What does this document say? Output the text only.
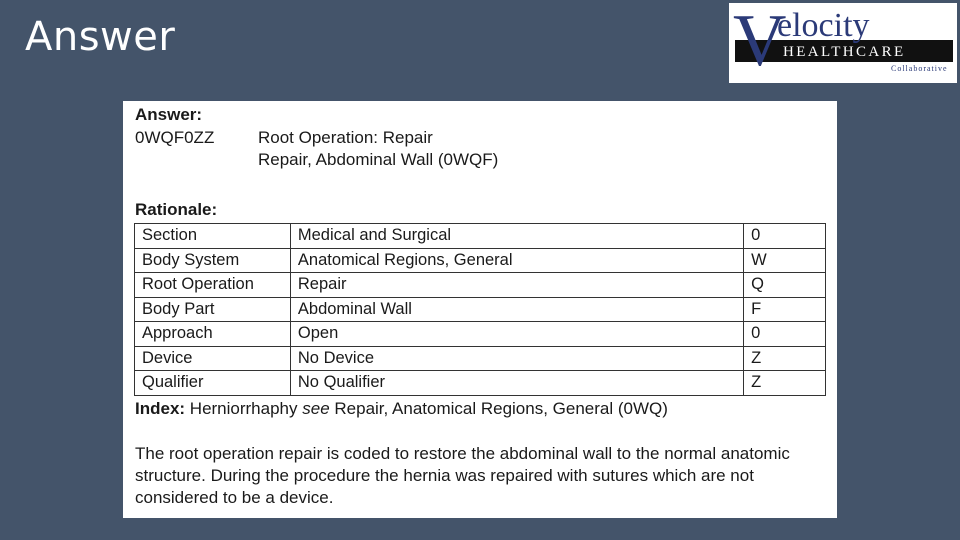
Answer	V
elocity
HEALTHCARE
Collaborative
Answer:
0WQF0ZZ	Root Operation: Repair
Repair, Abdominal Wall (0WQF)
Rationale:
Section	Medical and Surgical	0
Body System	Anatomical Regions, General	W
Root Operation	Repair	Q
Body Part	Abdominal Wall	F
Approach	Open	0
Device	No Device	Z
Qualifier	No Qualifier	Z
Index: Herniorrhaphy see Repair, Anatomical Regions, General (0WQ)
The root operation repair is coded to restore the abdominal wall to the normal anatomic structure. During the procedure the hernia was repaired with sutures which are not considered to be a device.
